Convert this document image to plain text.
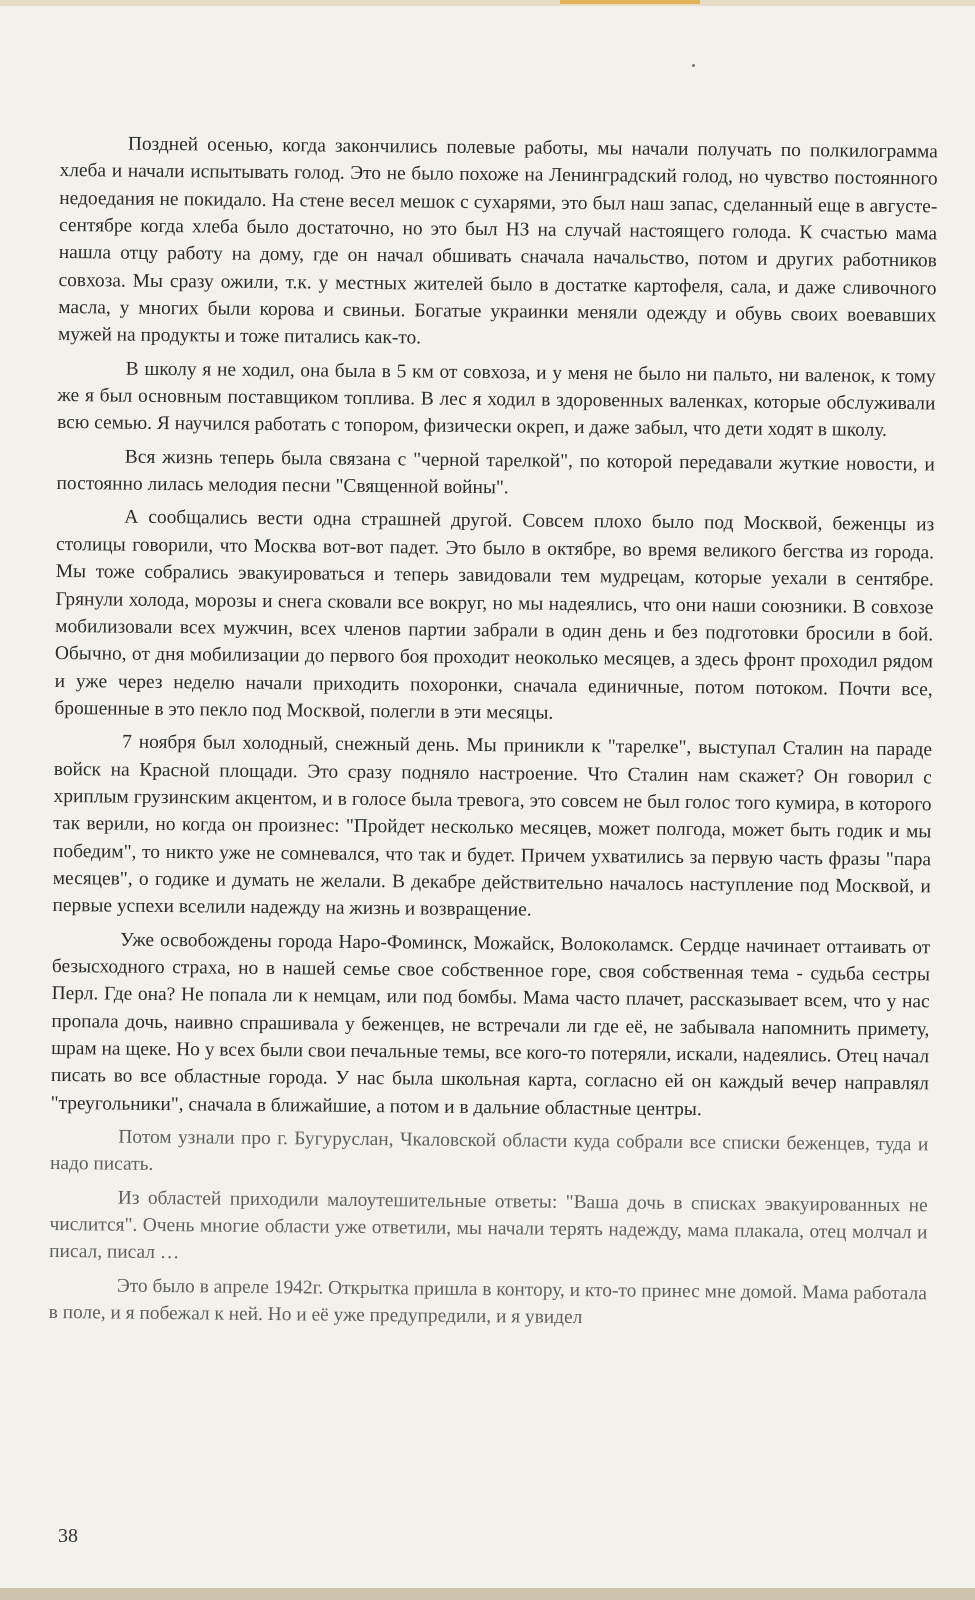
Поздней осенью, когда закончились полевые работы, мы начали получать по полкилограмма хлеба и начали испытывать голод. Это не было похоже на Ленинградский голод, но чувство постоянного недоедания не покидало. На стене весел мешок с сухарями, это был наш запас, сделанный еще в августе-сентябре когда хлеба было достаточно, но это был НЗ на случай настоящего голода. К счастью мама нашла отцу работу на дому, где он начал обшивать сначала начальство, потом и других работников совхоза. Мы сразу ожили, т.к. у местных жителей было в достатке картофеля, сала, и даже сливочного масла, у многих были корова и свиньи. Богатые украинки меняли одежду и обувь своих воевавших мужей на продукты и тоже питались как-то.

В школу я не ходил, она была в 5 км от совхоза, и у меня не было ни пальто, ни валенок, к тому же я был основным поставщиком топлива. В лес я ходил в здоровенных валенках, которые обслуживали всю семью. Я научился работать с топором, физически окреп, и даже забыл, что дети ходят в школу.

Вся жизнь теперь была связана с "черной тарелкой", по которой передавали жуткие новости, и постоянно лилась мелодия песни "Священной войны".

А сообщались вести одна страшней другой. Совсем плохо было под Москвой, беженцы из столицы говорили, что Москва вот-вот падет. Это было в октябре, во время великого бегства из города. Мы тоже собрались эвакуироваться и теперь завидовали тем мудрецам, которые уехали в сентябре. Грянули холода, морозы и снега сковали все вокруг, но мы надеялись, что они наши союзники. В совхозе мобилизовали всех мужчин, всех членов партии забрали в один день и без подготовки бросили в бой. Обычно, от дня мобилизации до первого боя проходит неоколько месяцев, а здесь фронт проходил рядом и уже через неделю начали приходить похоронки, сначала единичные, потом потоком. Почти все, брошенные в это пекло под Москвой, полегли в эти месяцы.

7 ноября был холодный, снежный день. Мы приникли к "тарелке", выступал Сталин на параде войск на Красной площади. Это сразу подняло настроение. Что Сталин нам скажет? Он говорил с хриплым грузинским акцентом, и в голосе была тревога, это совсем не был голос того кумира, в которого так верили, но когда он произнес: "Пройдет несколько месяцев, может полгода, может быть годик и мы победим", то никто уже не сомневался, что так и будет. Причем ухватились за первую часть фразы "пара месяцев", о годике и думать не желали. В декабре действительно началось наступление под Москвой, и первые успехи вселили надежду на жизнь и возвращение.

Уже освобождены города Наро-Фоминск, Можайск, Волоколамск. Сердце начинает оттаивать от безысходного страха, но в нашей семье свое собственное горе, своя собственная тема - судьба сестры Перл. Где она? Не попала ли к немцам, или под бомбы. Мама часто плачет, рассказывает всем, что у нас пропала дочь, наивно спрашивала у беженцев, не встречали ли где её, не забывала напомнить примету, шрам на щеке. Но у всех были свои печальные темы, все кого-то потеряли, искали, надеялись. Отец начал писать во все областные города. У нас была школьная карта, согласно ей он каждый вечер направлял "треугольники", сначала в ближайшие, а потом и в дальние областные центры.

Потом узнали про г. Бугуруслан, Чкаловской области куда собрали все списки беженцев, туда и надо писать.

Из областей приходили малоутешительные ответы: "Ваша дочь в списках эвакуированных не числится". Очень многие области уже ответили, мы начали терять надежду, мама плакала, отец молчал и писал, писал …

Это было в апреле 1942г. Открытка пришла в контору, и кто-то принес мне домой. Мама работала в поле, и я побежал к ней. Но и её уже предупредили, и я увидел

38
